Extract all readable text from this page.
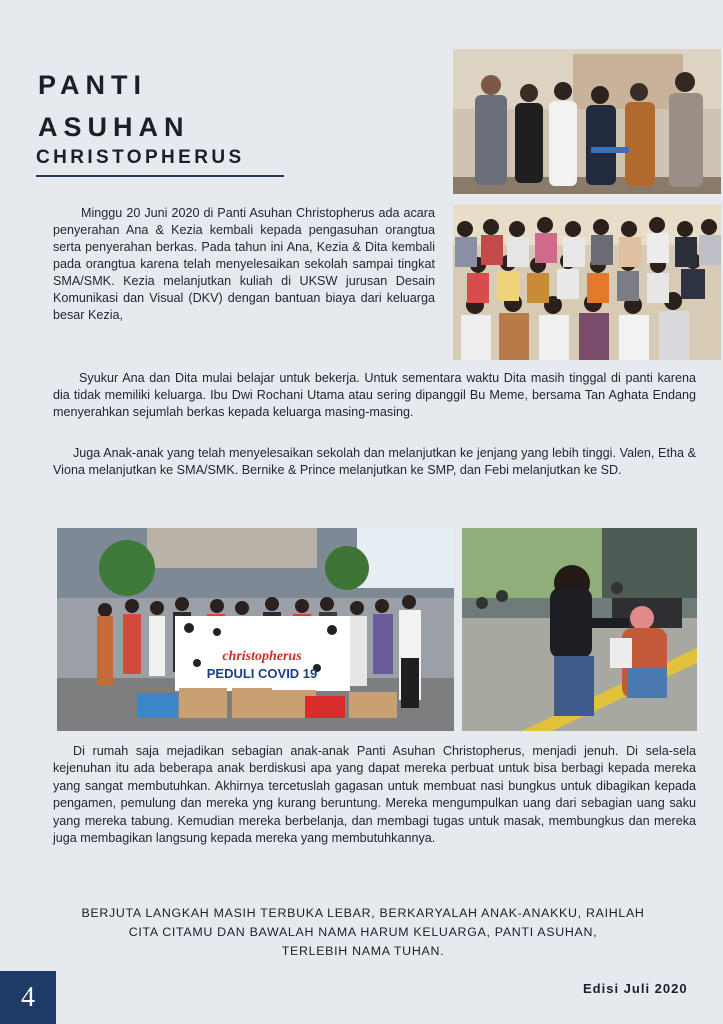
PANTI
ASUHAN
CHRISTOPHERUS

Minggu 20 Juni 2020 di Panti Asuhan Christopherus ada acara penyerahan Ana & Kezia kembali kepada pengasuhan orangtua serta penyerahan berkas. Pada tahun ini Ana, Kezia & Dita kembali pada orangtua karena telah menyelesaikan sekolah sampai tingkat SMA/SMK. Kezia melanjutkan kuliah di UKSW jurusan Desain Komunikasi dan Visual (DKV) dengan bantuan biaya dari keluarga besar Kezia,

Syukur Ana dan Dita mulai belajar untuk bekerja. Untuk sementara waktu Dita masih tinggal di panti karena dia tidak memiliki keluarga. Ibu Dwi Rochani Utama atau sering dipanggil Bu Meme, bersama Tan Aghata Endang menyerahkan sejumlah berkas kepada keluarga masing-masing.

Juga Anak-anak yang telah menyelesaikan sekolah dan melanjutkan ke jenjang yang lebih tinggi. Valen, Etha & Viona melanjutkan ke SMA/SMK. Bernike & Prince melanjutkan ke SMP, dan Febi melanjutkan ke SD.

christopherus
PEDULI COVID 19

Di rumah saja mejadikan sebagian anak-anak Panti Asuhan Christopherus, menjadi jenuh. Di sela-sela kejenuhan itu ada beberapa anak berdiskusi apa yang dapat mereka perbuat untuk bisa berbagi kepada mereka yang sangat membutuhkan. Akhirnya tercetuslah gagasan untuk membuat nasi bungkus untuk dibagikan kepada pengamen, pemulung dan mereka yng kurang beruntung. Mereka mengumpulkan uang dari sebagian uang saku yang mereka tabung. Kemudian mereka berbelanja, dan membagi tugas untuk masak, membungkus dan mereka juga membagikan langsung kepada mereka yang membutuhkannya.

BERJUTA LANGKAH MASIH TERBUKA LEBAR, BERKARYALAH ANAK-ANAKKU, RAIHLAH
CITA CITAMU DAN BAWALAH NAMA HARUM KELUARGA, PANTI ASUHAN,
TERLEBIH NAMA TUHAN.
4	Edisi Juli 2020
